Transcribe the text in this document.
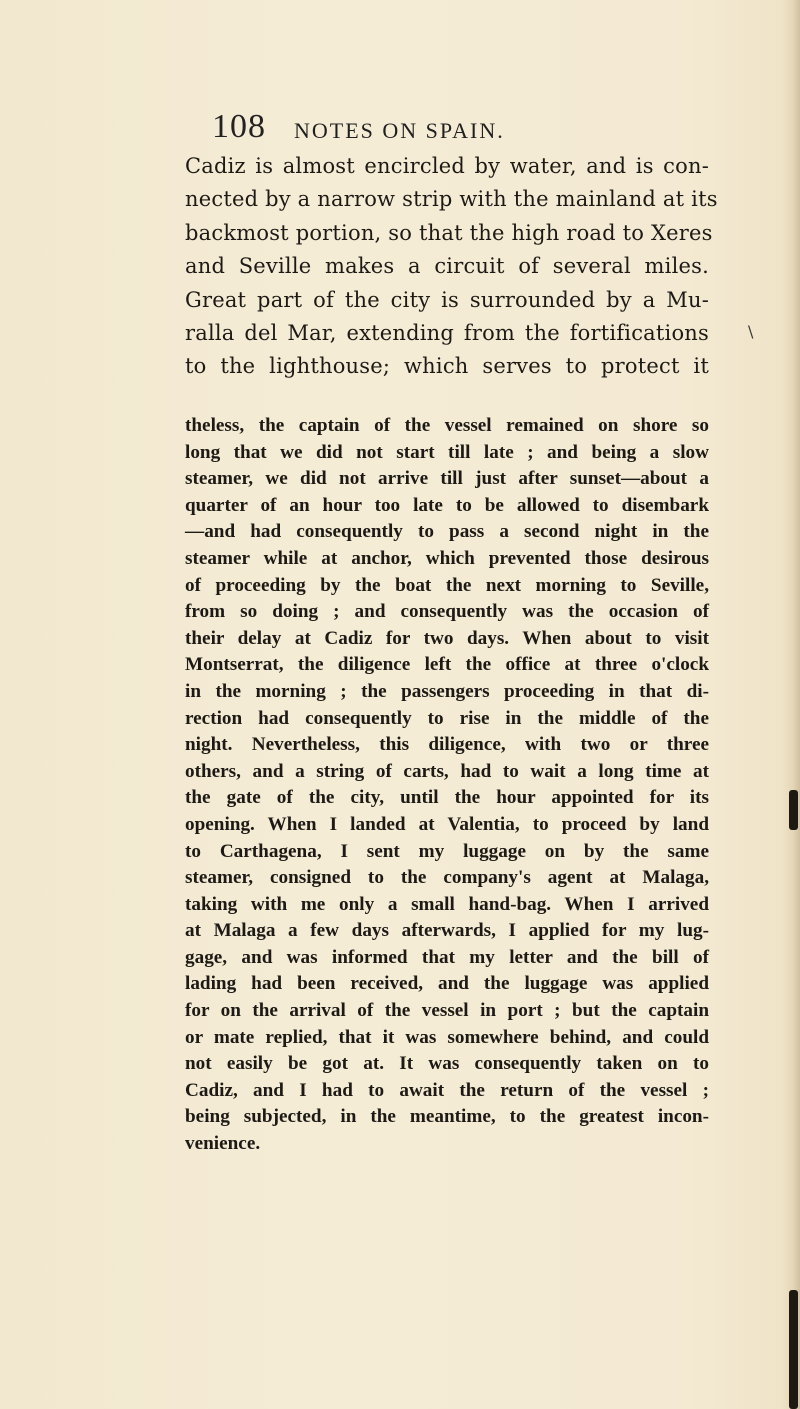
108 NOTES ON SPAIN.
\
Cadiz is almost encircled by water, and is con-
nected by a narrow strip with the mainland at its
backmost portion, so that the high road to Xeres
and Seville makes a circuit of several miles.
Great part of the city is surrounded by a Mu-
ralla del Mar, extending from the fortifications
to the lighthouse; which serves to protect it
theless, the captain of the vessel remained on shore so
long that we did not start till late ; and being a slow
steamer, we did not arrive till just after sunset—about a
quarter of an hour too late to be allowed to disembark
—and had consequently to pass a second night in the
steamer while at anchor, which prevented those desirous
of proceeding by the boat the next morning to Seville,
from so doing ; and consequently was the occasion of
their delay at Cadiz for two days. When about to visit
Montserrat, the diligence left the office at three o'clock
in the morning ; the passengers proceeding in that di-
rection had consequently to rise in the middle of the
night. Nevertheless, this diligence, with two or three
others, and a string of carts, had to wait a long time at
the gate of the city, until the hour appointed for its
opening. When I landed at Valentia, to proceed by land
to Carthagena, I sent my luggage on by the same
steamer, consigned to the company's agent at Malaga,
taking with me only a small hand-bag. When I arrived
at Malaga a few days afterwards, I applied for my lug-
gage, and was informed that my letter and the bill of
lading had been received, and the luggage was applied
for on the arrival of the vessel in port ; but the captain
or mate replied, that it was somewhere behind, and could
not easily be got at. It was consequently taken on to
Cadiz, and I had to await the return of the vessel ;
being subjected, in the meantime, to the greatest incon-
venience.
